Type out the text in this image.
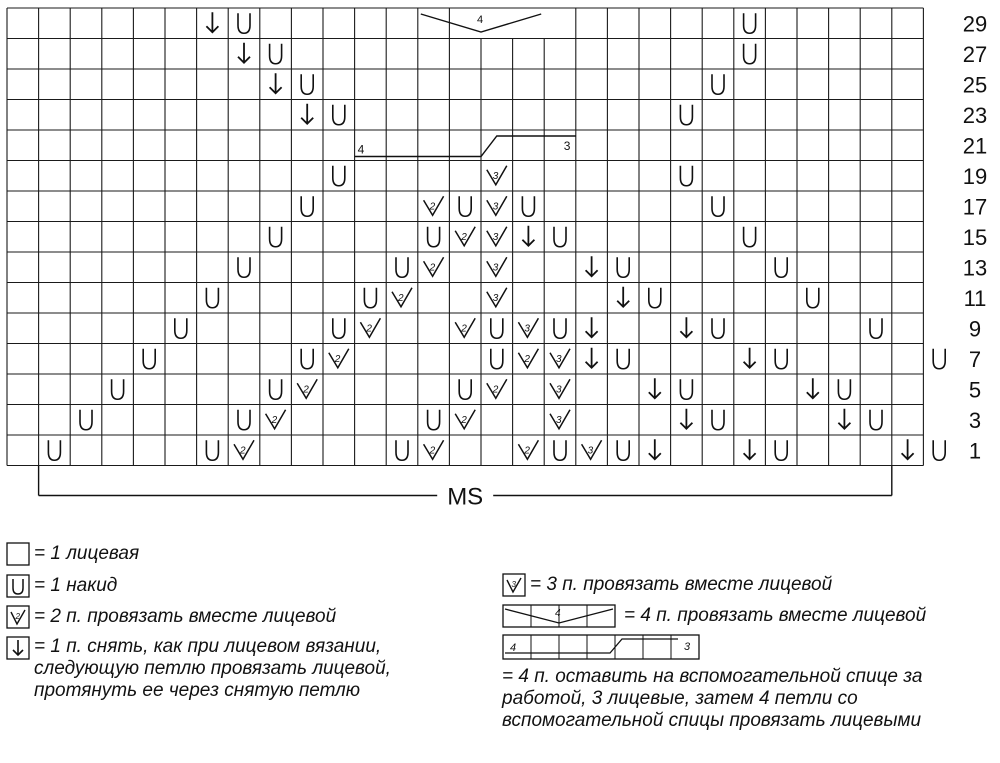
3
2	3
2	3
2	3
2	3
2	2	3
2	2	3
2	2	3
2	2	3
2	2	2	3
4
4	3
29
27
25
23
21
19
17
15
13
11
9
7
5
3
1
MS
= 1 лицевая
= 1 накид
2 = 2 п. провязать вместе лицевой

= 1 п. снять, как при лицевом вязании, следующую петлю провязать лицевой, протянуть ее через снятую петлю

3 = 3 п. провязать вместе лицевой
4	= 4 п. провязать вместе лицевой
4	3

= 4 п. оставить на вспомогательной спице за работой, 3 лицевые, затем 4 петли со вспомогательной спицы провязать лицевыми
